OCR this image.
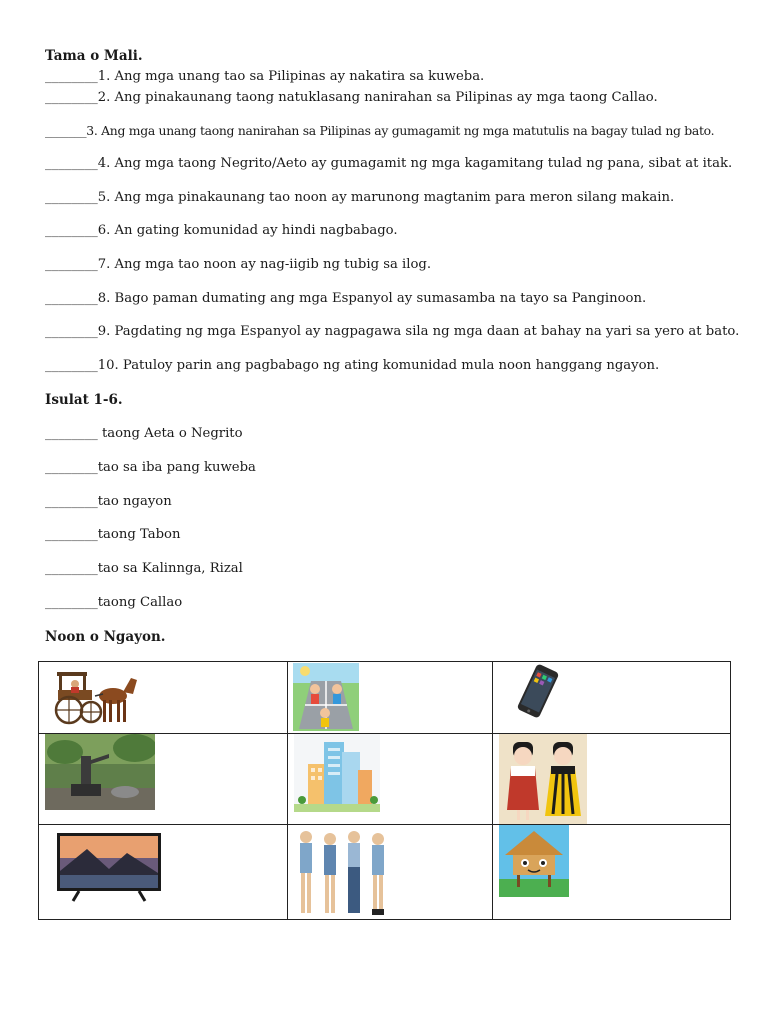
Tama o Mali.
________1. Ang mga unang tao sa Pilipinas ay nakatira sa kuweba.
________2. Ang pinakaunang taong natuklasang nanirahan sa Pilipinas ay mga taong Callao.
_______3. Ang mga unang taong nanirahan sa Pilipinas ay gumagamit ng mga matutulis na bagay tulad ng bato.
________4. Ang mga taong Negrito/Aeto ay gumagamit ng mga kagamitang tulad ng pana, sibat at itak.
________5. Ang mga pinakaunang tao noon ay marunong magtanim para meron silang makain.
________6. An gating komunidad ay hindi nagbabago.
________7. Ang mga tao noon ay nag-iigib ng tubig sa ilog.
________8. Bago paman dumating ang mga Espanyol ay sumasamba na tayo sa Panginoon.
________9. Pagdating ng mga Espanyol ay nagpagawa sila ng mga daan at bahay na yari sa yero at bato.
________10. Patuloy parin ang pagbabago ng ating komunidad mula noon hanggang ngayon.
Isulat 1-6.
________ taong Aeta o Negrito
________tao sa iba pang kuweba
________tao ngayon
________taong Tabon
________tao sa Kalinnga, Rizal
________taong Callao
Noon o Ngayon.
